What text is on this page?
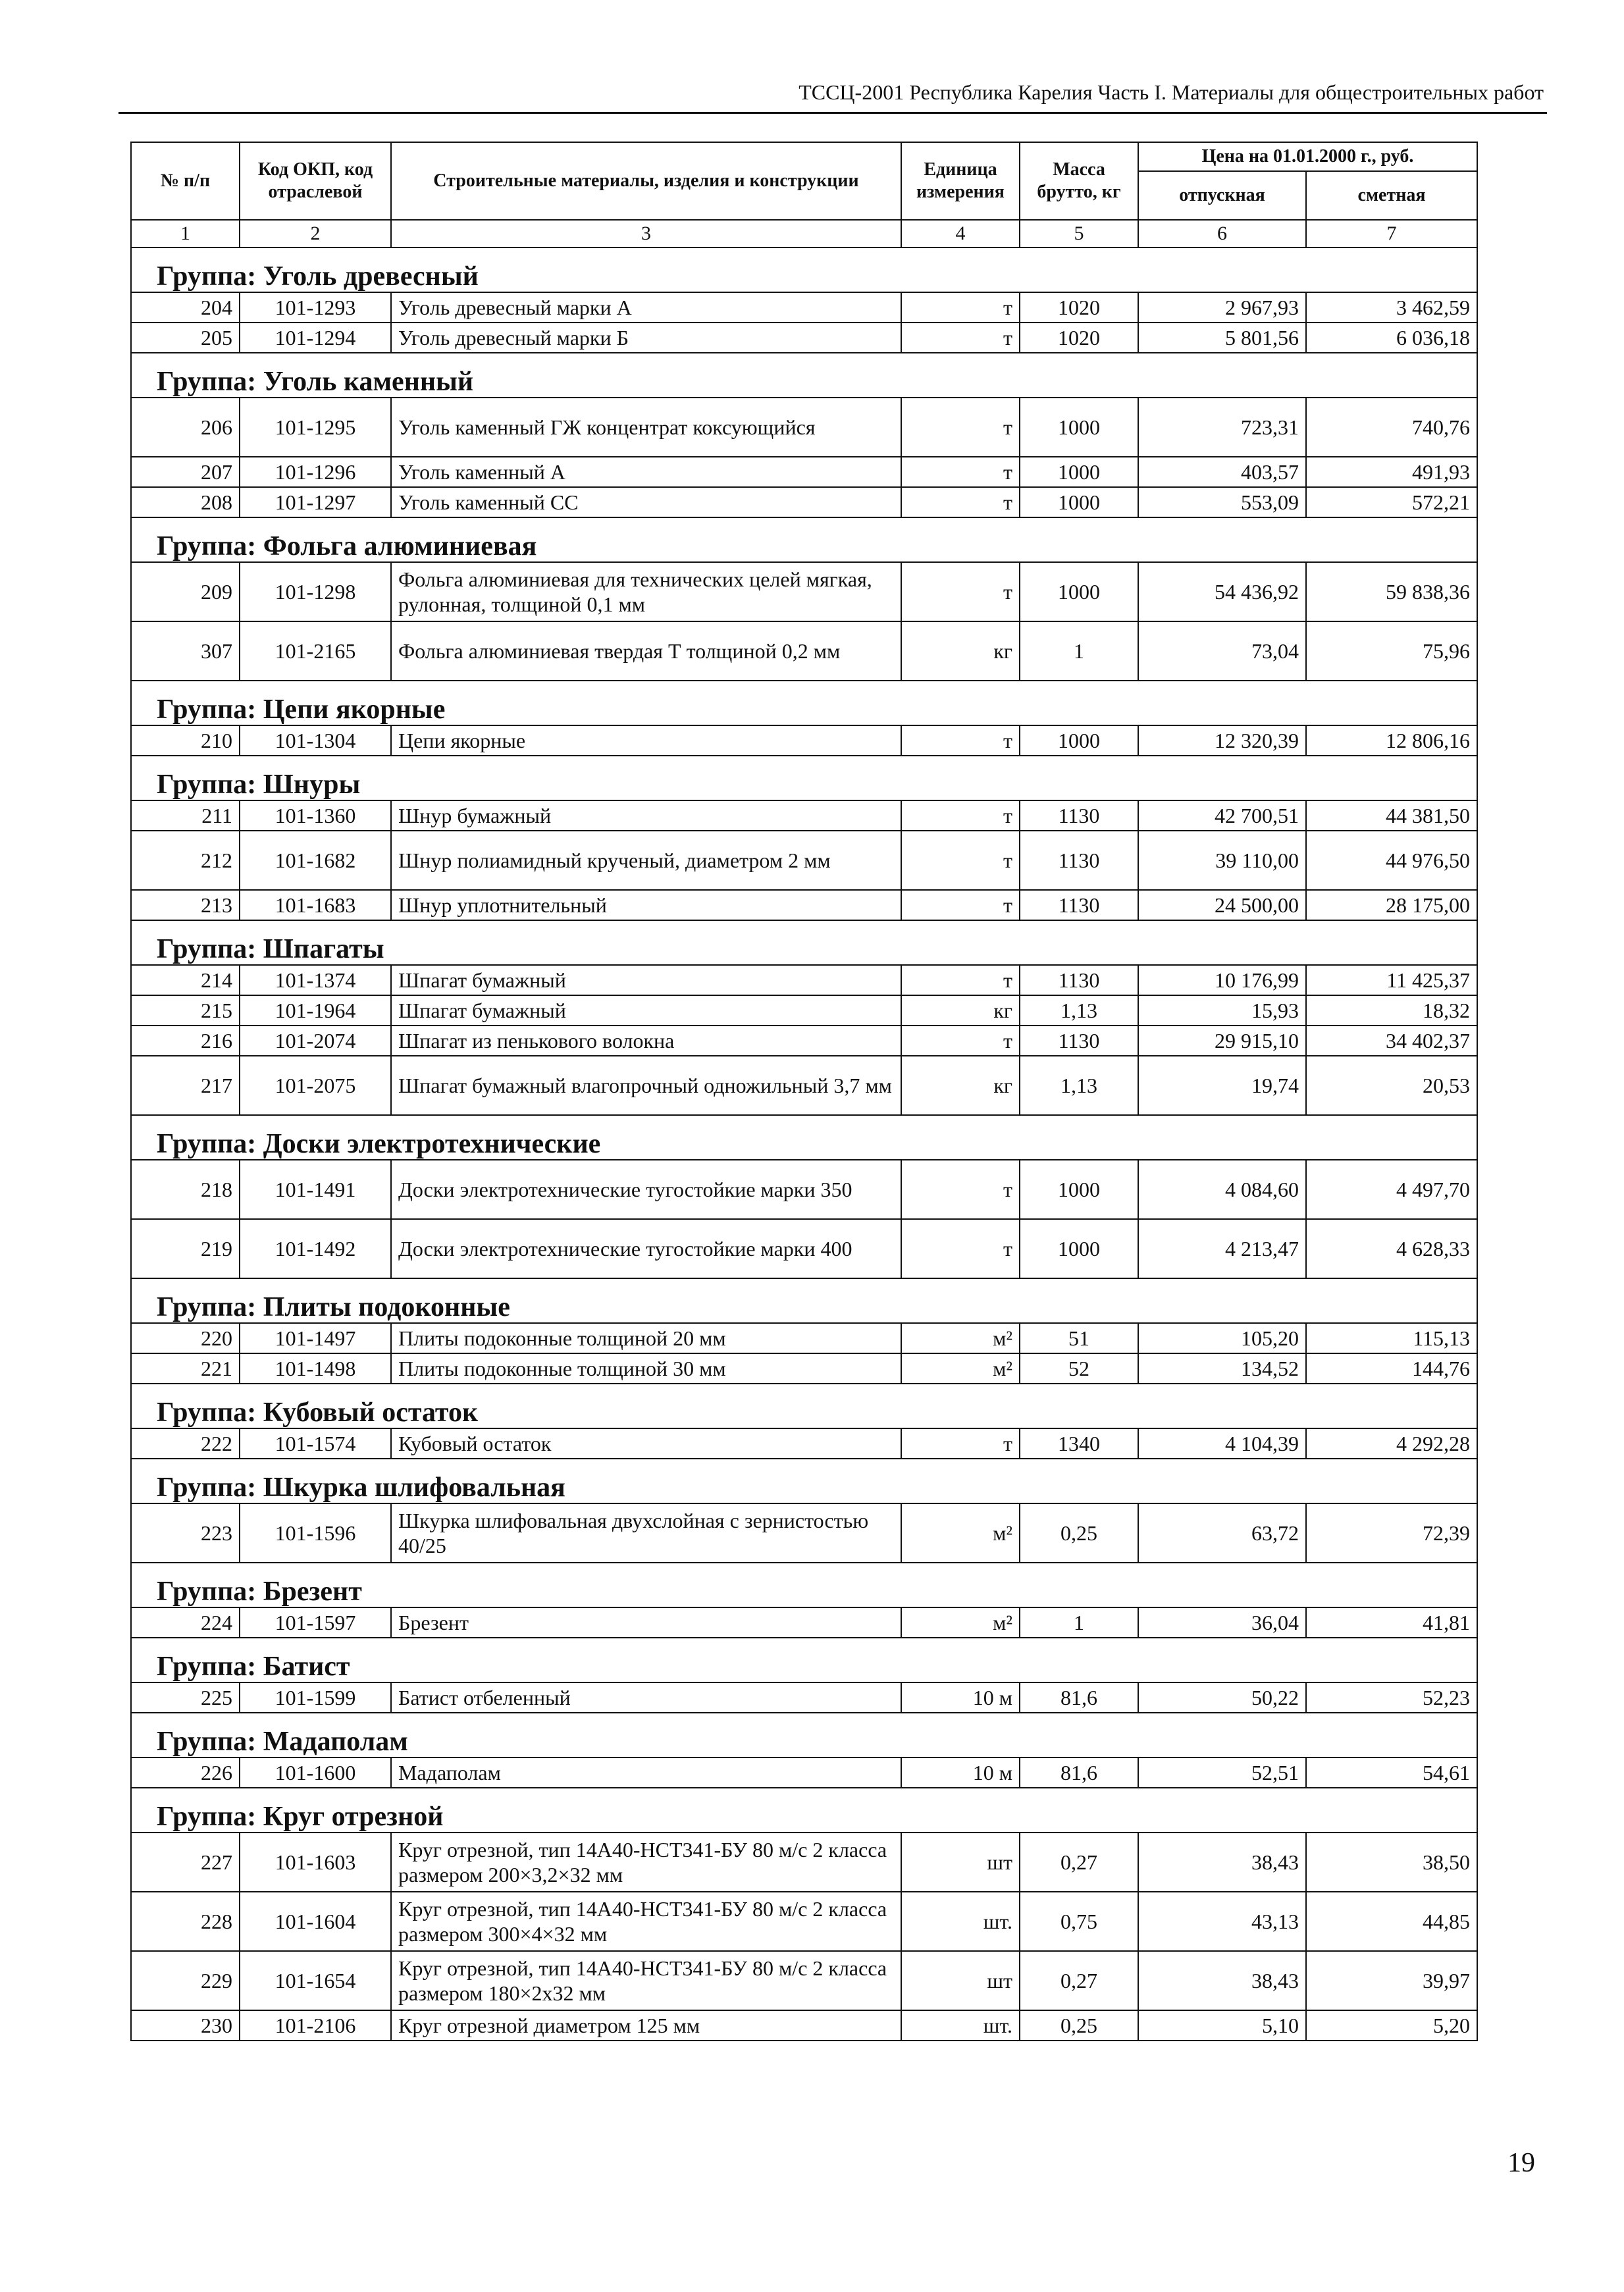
ТССЦ-2001 Республика Карелия Часть I. Материалы для общестроительных работ
№ п/п	Код ОКП, код отраслевой	Строительные материалы, изделия и конструкции	Единица измерения	Масса брутто, кг	Цена на 01.01.2000 г., руб.	
					отпускная	сметная
1	2	3	4	5	6	7
Группа: Уголь древесный						
204	101-1293	Уголь древесный марки А	т	1020	2 967,93	3 462,59
205	101-1294	Уголь древесный марки Б	т	1020	5 801,56	6 036,18
Группа: Уголь каменный						
206	101-1295	Уголь каменный ГЖ концентрат коксующийся	т	1000	723,31	740,76
207	101-1296	Уголь каменный А	т	1000	403,57	491,93
208	101-1297	Уголь каменный СС	т	1000	553,09	572,21
Группа: Фольга алюминиевая						
209	101-1298	Фольга алюминиевая для технических целей мягкая, рулонная, толщиной 0,1 мм	т	1000	54 436,92	59 838,36
307	101-2165	Фольга алюминиевая твердая Т толщиной 0,2 мм	кг	1	73,04	75,96
Группа: Цепи якорные						
210	101-1304	Цепи якорные	т	1000	12 320,39	12 806,16
Группа: Шнуры						
211	101-1360	Шнур бумажный	т	1130	42 700,51	44 381,50
212	101-1682	Шнур полиамидный крученый, диаметром 2 мм	т	1130	39 110,00	44 976,50
213	101-1683	Шнур уплотнительный	т	1130	24 500,00	28 175,00
Группа: Шпагаты						
214	101-1374	Шпагат бумажный	т	1130	10 176,99	11 425,37
215	101-1964	Шпагат бумажный	кг	1,13	15,93	18,32
216	101-2074	Шпагат из пенькового волокна	т	1130	29 915,10	34 402,37
217	101-2075	Шпагат бумажный влагопрочный одножильный 3,7 мм	кг	1,13	19,74	20,53
Группа: Доски электротехнические						
218	101-1491	Доски электротехнические тугостойкие марки 350	т	1000	4 084,60	4 497,70
219	101-1492	Доски электротехнические тугостойкие марки 400	т	1000	4 213,47	4 628,33
Группа: Плиты подоконные						
220	101-1497	Плиты подоконные толщиной 20 мм	м²	51	105,20	115,13
221	101-1498	Плиты подоконные толщиной 30 мм	м²	52	134,52	144,76
Группа: Кубовый остаток						
222	101-1574	Кубовый остаток	т	1340	4 104,39	4 292,28
Группа: Шкурка шлифовальная						
223	101-1596	Шкурка шлифовальная двухслойная с зернистостью 40/25	м²	0,25	63,72	72,39
Группа: Брезент						
224	101-1597	Брезент	м²	1	36,04	41,81
Группа: Батист						
225	101-1599	Батист отбеленный	10 м	81,6	50,22	52,23
Группа: Мадаполам						
226	101-1600	Мадаполам	10 м	81,6	52,51	54,61
Группа: Круг отрезной						
227	101-1603	Круг отрезной, тип 14А40-НСТ341-БУ 80 м/с 2 класса размером 200×3,2×32 мм	шт	0,27	38,43	38,50
228	101-1604	Круг отрезной, тип 14А40-НСТ341-БУ 80 м/с 2 класса размером 300×4×32 мм	шт.	0,75	43,13	44,85
229	101-1654	Круг отрезной, тип 14А40-НСТ341-БУ 80 м/с 2 класса размером 180×2х32 мм	шт	0,27	38,43	39,97
230	101-2106	Круг отрезной диаметром 125 мм	шт.	0,25	5,10	5,20
19
